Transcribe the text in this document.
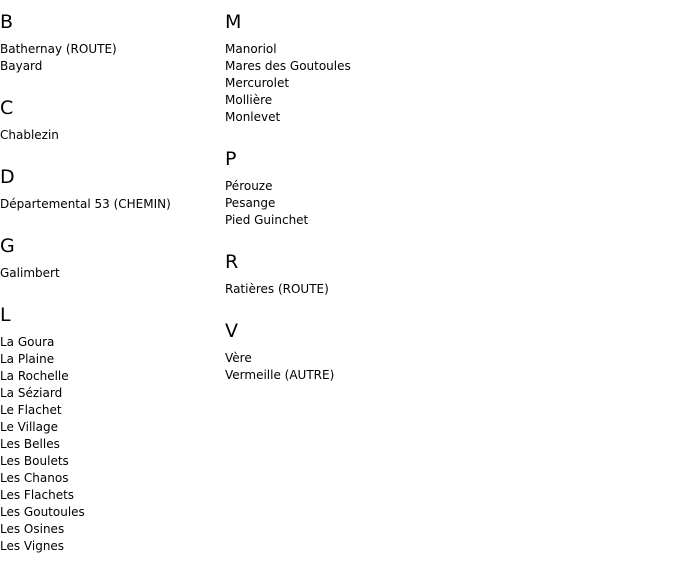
B
Bathernay (ROUTE)
Bayard
C
Chablezin
D
Départemental 53 (CHEMIN)
G
Galimbert
L
La Goura
La Plaine
La Rochelle
La Séziard
Le Flachet
Le Village
Les Belles
Les Boulets
Les Chanos
Les Flachets
Les Goutoules
Les Osines
Les Vignes
M
Manoriol
Mares des Goutoules
Mercurolet
Mollière
Monlevet
P
Pérouze
Pesange
Pied Guinchet
R
Ratières (ROUTE)
V
Vère
Vermeille (AUTRE)
